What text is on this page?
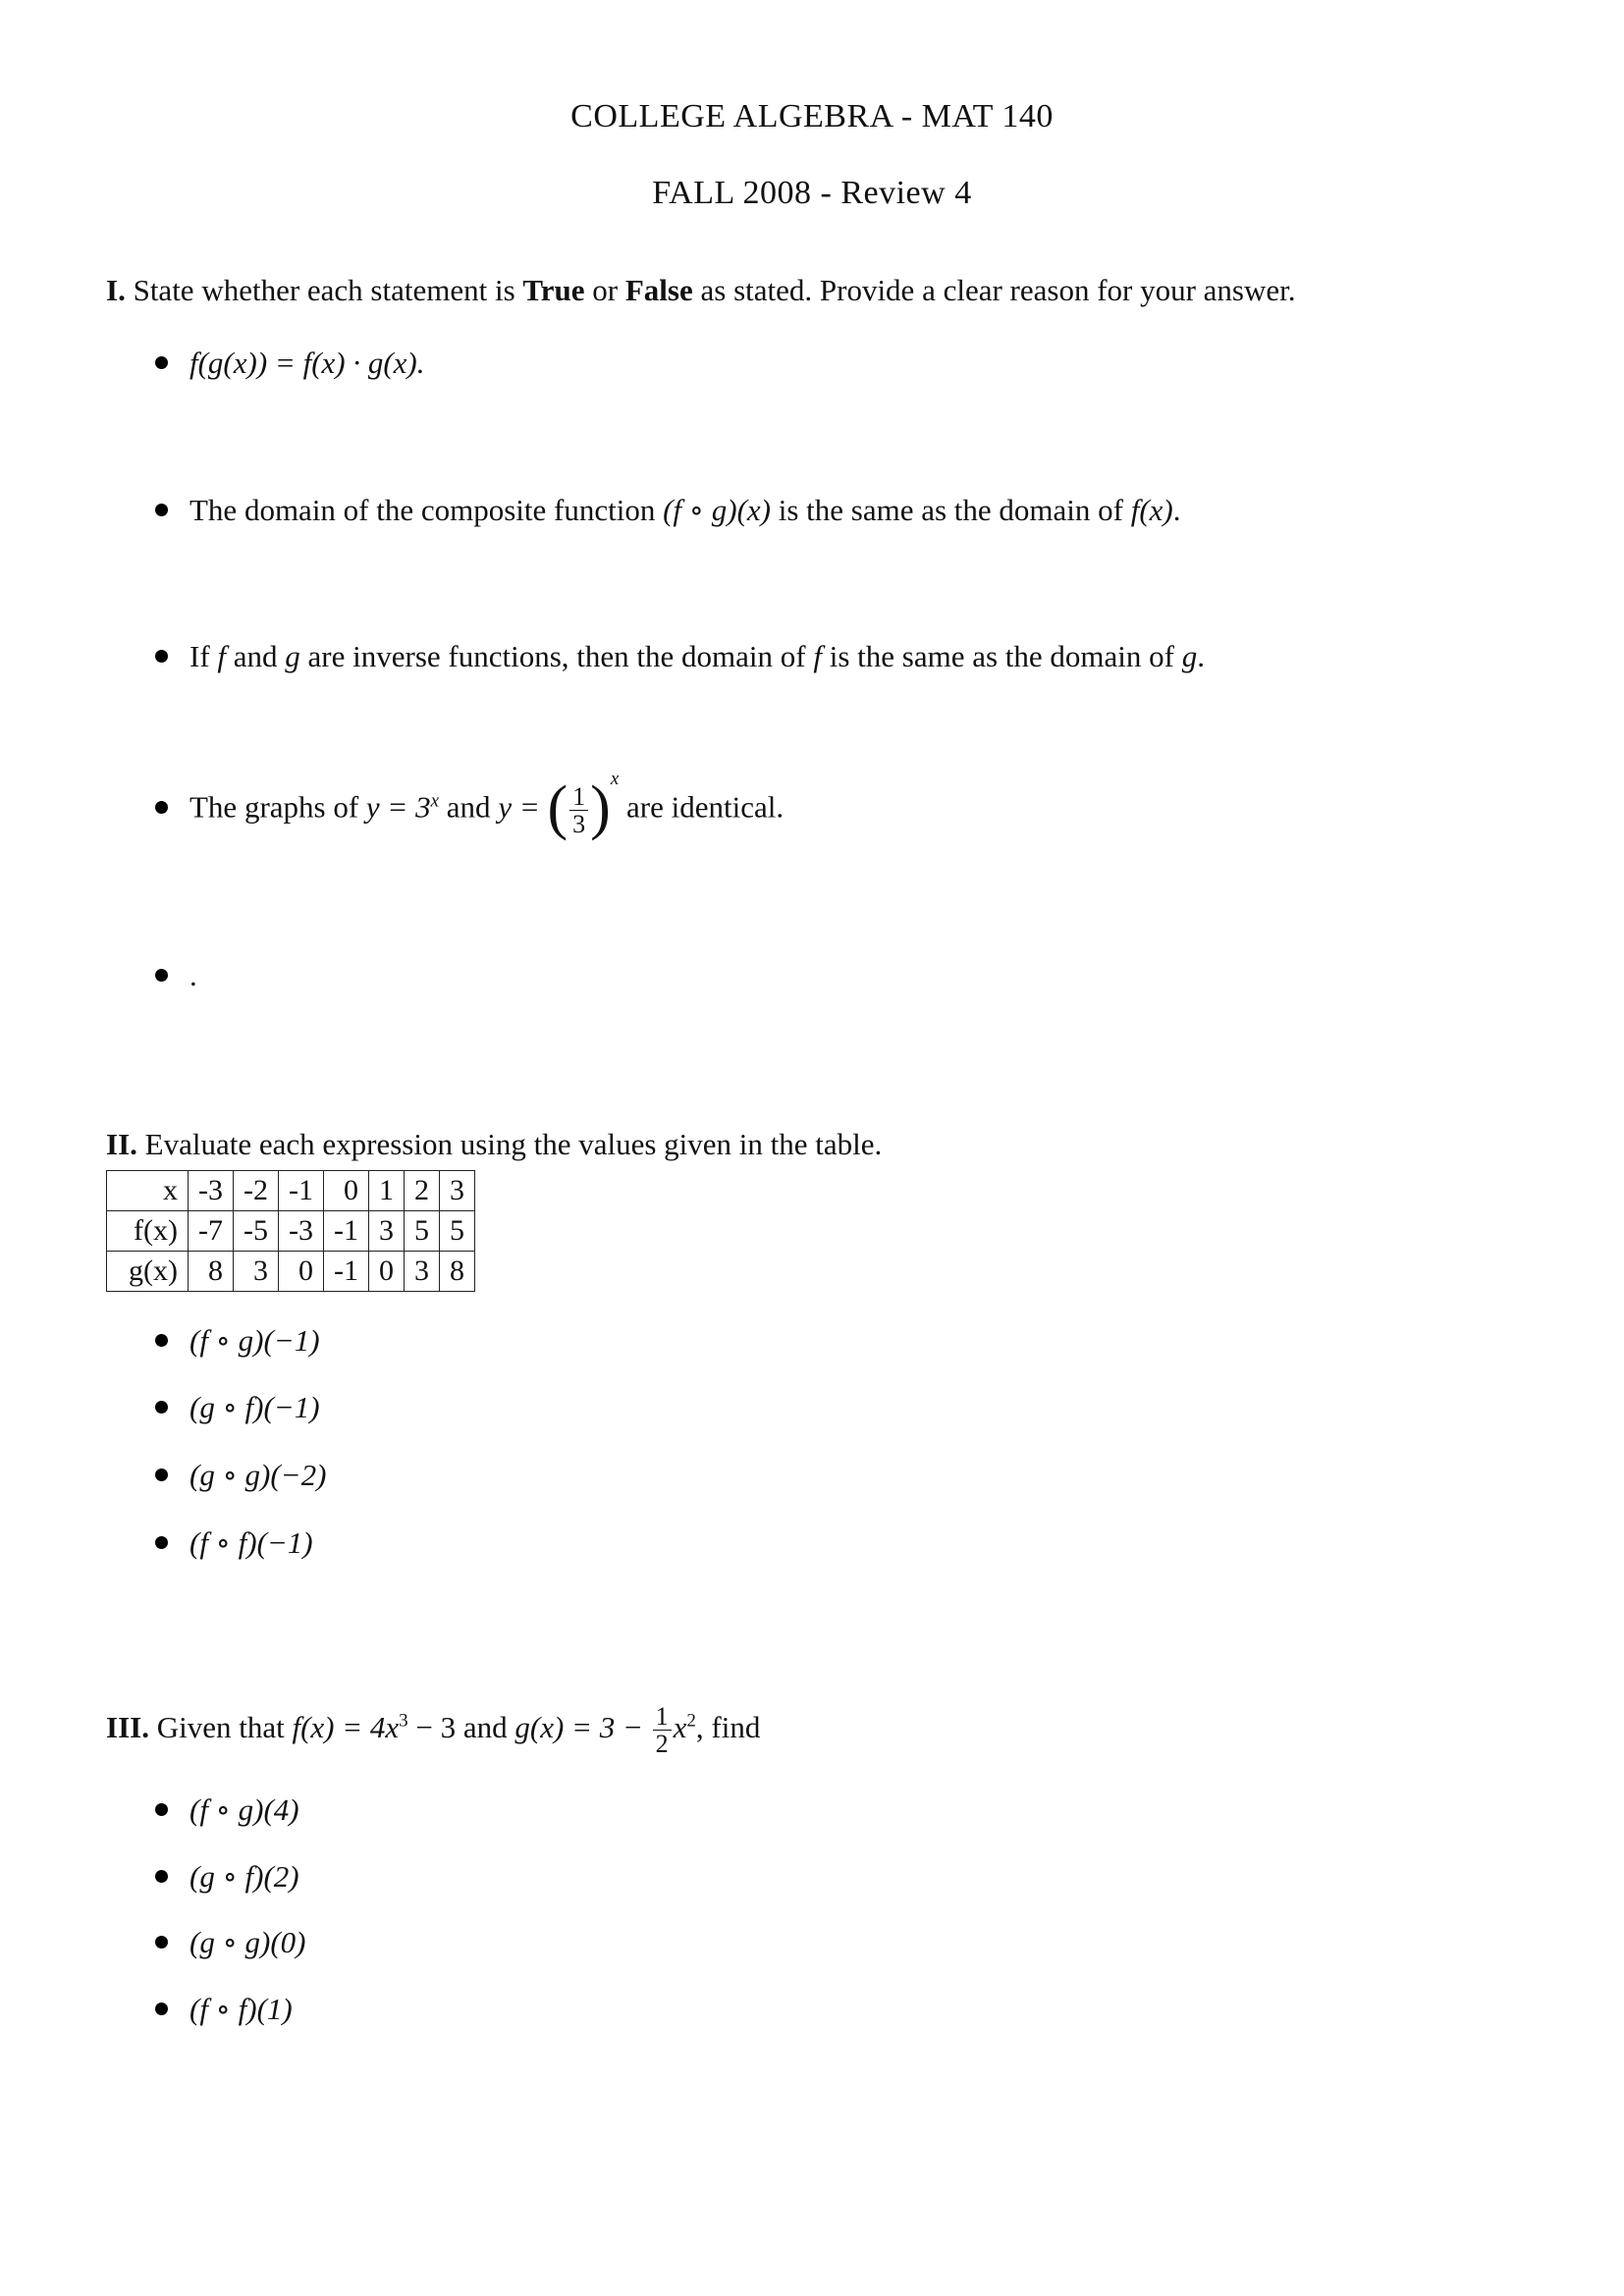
COLLEGE ALGEBRA - MAT 140
FALL 2008 - Review 4
I. State whether each statement is True or False as stated. Provide a clear reason for your answer.
f(g(x)) = f(x) · g(x).
The domain of the composite function (f ∘ g)(x) is the same as the domain of f(x).
If f and g are inverse functions, then the domain of f is the same as the domain of g.
The graphs of $y = 3^x$ and y = ( $\frac{1}{3} )^x$ are identical.
.
II. Evaluate each expression using the values given in the table.
x	-3	-2	-1	0	1	2	3
f(x)	-7	-5	-3	-1	3	5	5
g(x)	8	3	0	-1	0	3	8
(f ∘ g)(−1)
(g ∘ f)(−1)
(g ∘ g)(−2)
(f ∘ f)(−1)
III. Given that $f(x) = 4x^3 - 3$ and $g(x) = 3 - \frac{1}{2} x^2$, find
(f ∘ g)(4)
(g ∘ f)(2)
(g ∘ g)(0)
(f ∘ f)(1)
